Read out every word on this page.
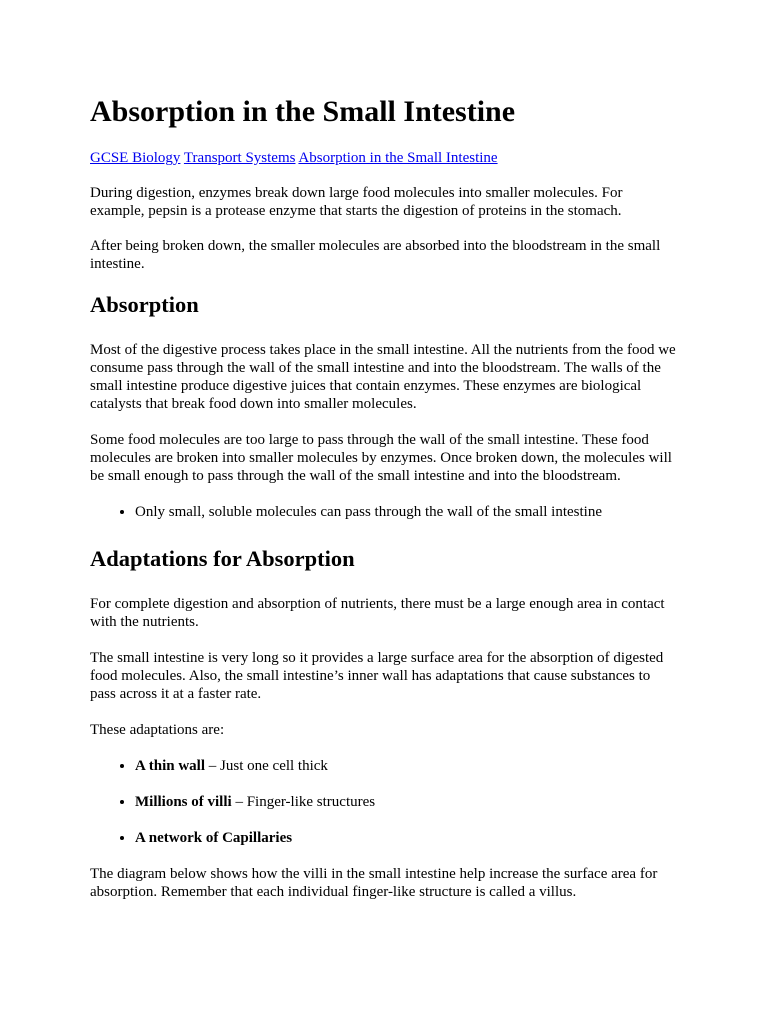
Absorption in the Small Intestine
GCSE Biology Transport Systems Absorption in the Small Intestine

During digestion, enzymes break down large food molecules into smaller molecules. For example, pepsin is a protease enzyme that starts the digestion of proteins in the stomach.

After being broken down, the smaller molecules are absorbed into the bloodstream in the small intestine.

Absorption

Most of the digestive process takes place in the small intestine. All the nutrients from the food we consume pass through the wall of the small intestine and into the bloodstream. The walls of the small intestine produce digestive juices that contain enzymes. These enzymes are biological catalysts that break food down into smaller molecules.

Some food molecules are too large to pass through the wall of the small intestine. These food molecules are broken into smaller molecules by enzymes. Once broken down, the molecules will be small enough to pass through the wall of the small intestine and into the bloodstream.

• Only small, soluble molecules can pass through the wall of the small intestine
Adaptations for Absorption

For complete digestion and absorption of nutrients, there must be a large enough area in contact with the nutrients.

The small intestine is very long so it provides a large surface area for the absorption of digested food molecules. Also, the small intestine’s inner wall has adaptations that cause substances to pass across it at a faster rate.

These adaptations are:

• A thin wall – Just one cell thick
• Millions of villi – Finger-like structures
• A network of Capillaries

The diagram below shows how the villi in the small intestine help increase the surface area for absorption. Remember that each individual finger-like structure is called a villus.
